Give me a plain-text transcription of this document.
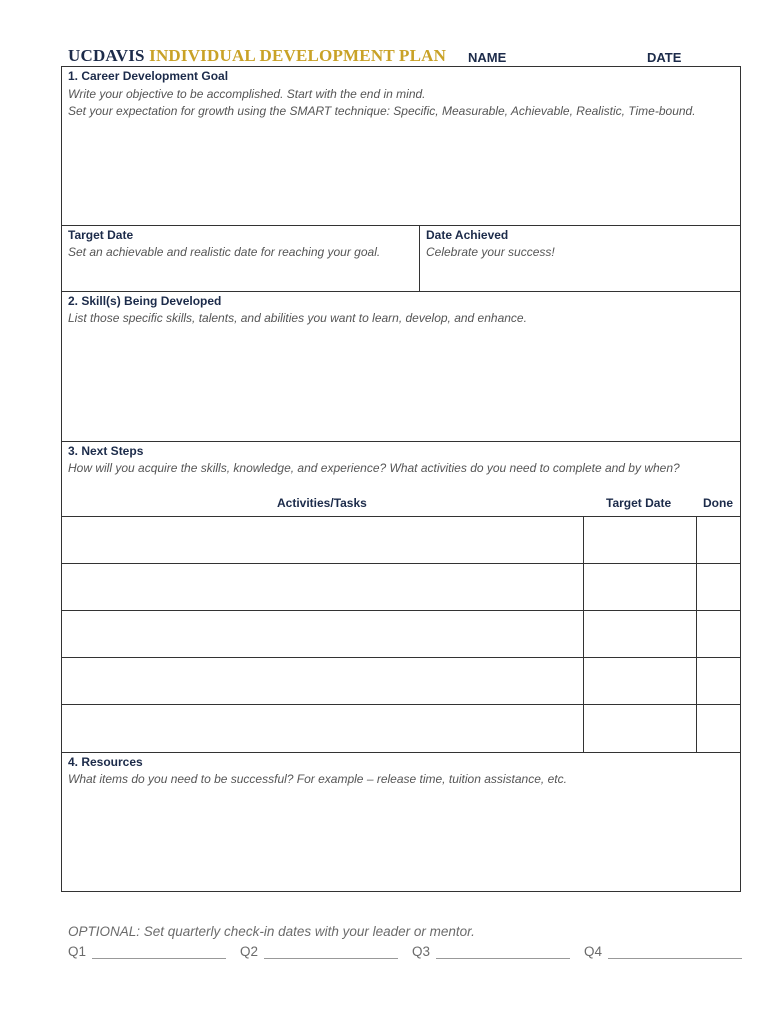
UCDAVIS INDIVIDUAL DEVELOPMENT PLAN NAME	DATE
1. Career Development Goal
Write your objective to be accomplished. Start with the end in mind.
Set your expectation for growth using the SMART technique: Specific, Measurable, Achievable, Realistic, Time-bound.
Target Date
Set an achievable and realistic date for reaching your goal.
Date Achieved
Celebrate your success!
2. Skill(s) Being Developed
List those specific skills, talents, and abilities you want to learn, develop, and enhance.
3. Next Steps
How will you acquire the skills, knowledge, and experience? What activities do you need to complete and by when?
Activities/Tasks	Target Date	Done
4. Resources
What items do you need to be successful? For example – release time, tuition assistance, etc.
OPTIONAL: Set quarterly check-in dates with your leader or mentor.
Q1	Q2	Q3	Q4
